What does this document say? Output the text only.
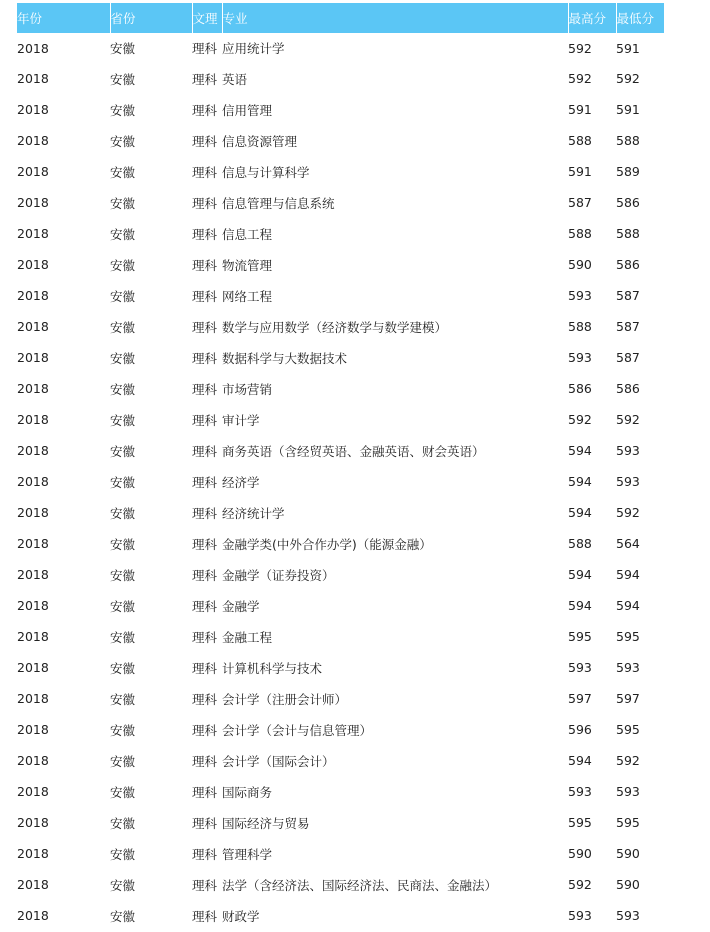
年份	省份	文理	专业	最高分	最低分
2018	安徽	理科	应用统计学	592	591
2018	安徽	理科	英语	592	592
2018	安徽	理科	信用管理	591	591
2018	安徽	理科	信息资源管理	588	588
2018	安徽	理科	信息与计算科学	591	589
2018	安徽	理科	信息管理与信息系统	587	586
2018	安徽	理科	信息工程	588	588
2018	安徽	理科	物流管理	590	586
2018	安徽	理科	网络工程	593	587
2018	安徽	理科	数学与应用数学（经济数学与数学建模）	588	587
2018	安徽	理科	数据科学与大数据技术	593	587
2018	安徽	理科	市场营销	586	586
2018	安徽	理科	审计学	592	592
2018	安徽	理科	商务英语（含经贸英语、金融英语、财会英语）	594	593
2018	安徽	理科	经济学	594	593
2018	安徽	理科	经济统计学	594	592
2018	安徽	理科	金融学类(中外合作办学)（能源金融）	588	564
2018	安徽	理科	金融学（证券投资）	594	594
2018	安徽	理科	金融学	594	594
2018	安徽	理科	金融工程	595	595
2018	安徽	理科	计算机科学与技术	593	593
2018	安徽	理科	会计学（注册会计师）	597	597
2018	安徽	理科	会计学（会计与信息管理）	596	595
2018	安徽	理科	会计学（国际会计）	594	592
2018	安徽	理科	国际商务	593	593
2018	安徽	理科	国际经济与贸易	595	595
2018	安徽	理科	管理科学	590	590
2018	安徽	理科	法学（含经济法、国际经济法、民商法、金融法）	592	590
2018	安徽	理科	财政学	593	593
